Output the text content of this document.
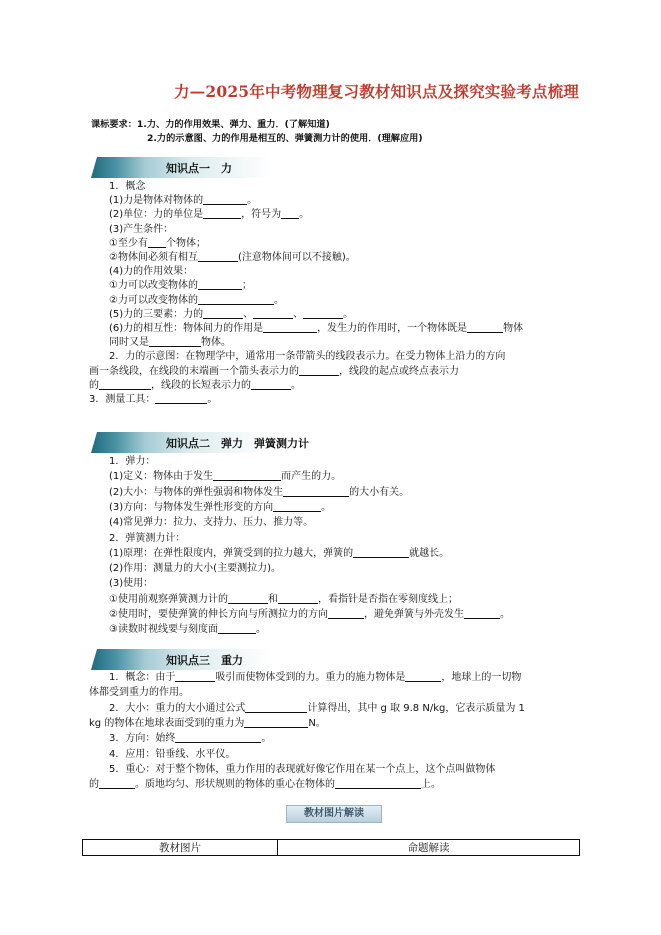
力—2025年中考物理复习教材知识点及探究实验考点梳理
课标要求：1.力、力的作用效果、弹力、重力．(了解知道)
2.力的示意图、力的作用是相互的、弹簧测力计的使用．(理解应用)
知识点一　力
1．概念
(1)力是物体对物体的	。
(2)单位：力的单位是	，符号为 。
(3)产生条件：
①至少有 个物体；
②物体间必须有相互	(注意物体间可以不接触)。
(4)力的作用效果：
①力可以改变物体的	；
②力可以改变物体的	。
(5)力的三要素：力的	、	、	。
(6)力的相互性：物体间力的作用是	，发生力的作用时，一个物体既是	物体
同时又是	物体。
2．力的示意图：在物理学中，通常用一条带箭头的线段表示力。在受力物体上沿力的方向
画一条线段，在线段的末端画一个箭头表示力的	，线段的起点或终点表示力
的	，线段的长短表示力的	。
3．测量工具：	。
知识点二　弹力　弹簧测力计
1．弹力：
(1)定义：物体由于发生	而产生的力。
(2)大小：与物体的弹性强弱和物体发生	的大小有关。
(3)方向：与物体发生弹性形变的方向	。
(4)常见弹力：拉力、支持力、压力、推力等。
2．弹簧测力计：
(1)原理：在弹性限度内，弹簧受到的拉力越大，弹簧的	就越长。
(2)作用：测量力的大小(主要测拉力)。
(3)使用：
①使用前观察弹簧测力计的	和	，看指针是否指在零刻度线上；
②使用时，要使弹簧的伸长方向与所测拉力的方向	，避免弹簧与外壳发生	。
③读数时视线要与刻度面	。
知识点三　重力
1．概念：由于	吸引而使物体受到的力。重力的施力物体是	，地球上的一切物
体都受到重力的作用。
2．大小：重力的大小通过公式	计算得出，其中 g 取 9.8 N/kg，它表示质量为 1
kg 的物体在地球表面受到的重力为	N。
3．方向：始终	。
4．应用：铅垂线、水平仪。
5．重心：对于整个物体，重力作用的表现就好像它作用在某一个点上，这个点叫做物体
的	。质地均匀、形状规则的物体的重心在物体的	上。
教材图片解读
教材图片	命题解读
